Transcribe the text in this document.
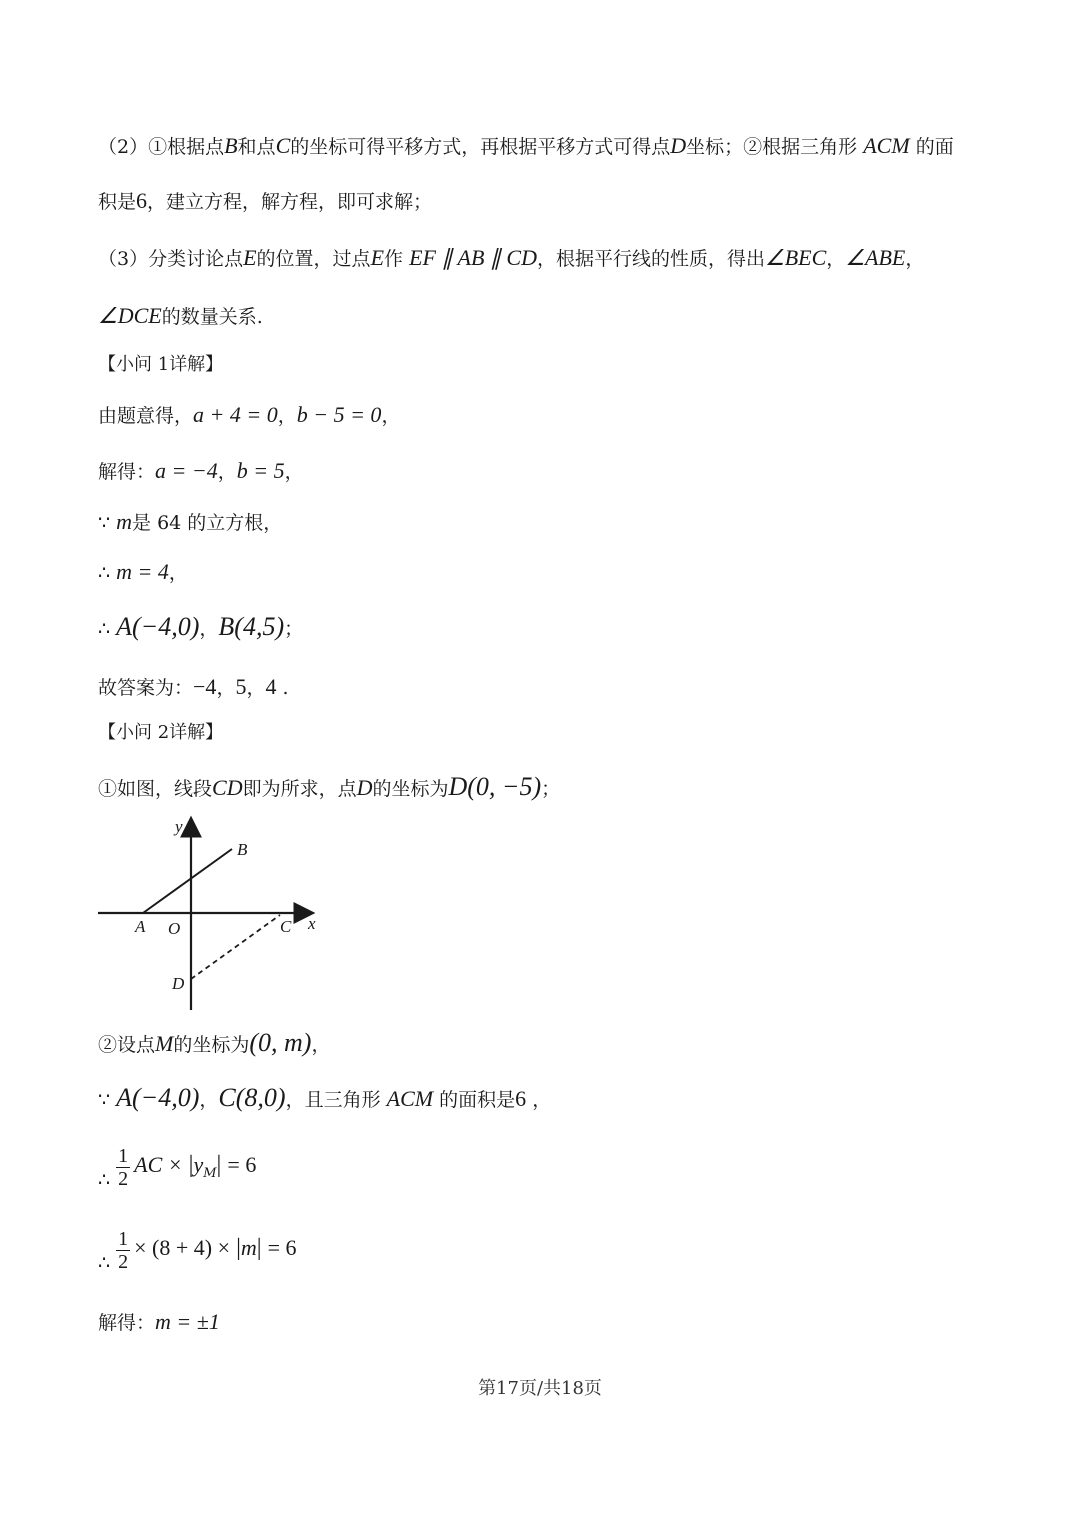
（2）①根据点B和点C的坐标可得平移方式，再根据平移方式可得点D坐标；②根据三角形 ACM 的面
积是6，建立方程，解方程，即可求解；
（3）分类讨论点E的位置，过点E作 EF ∥ AB ∥ CD，根据平行线的性质，得出∠BEC，∠ABE，
∠DCE的数量关系.
【小问 1详解】
由题意得，a + 4 = 0，b − 5 = 0，
解得：a = −4，b = 5，
∵ m是 64 的立方根，
∴ m = 4，
∴ A(−4,0)，B(4,5)；
故答案为：−4，5，4 .
【小问 2详解】
①如图，线段CD即为所求，点D的坐标为D(0, −5)；
y
B
A O	C x
D
②设点M的坐标为(0, m)，
∵ A(−4,0)，C(8,0)，且三角形 ACM 的面积是6 ，
∴ $\frac{1}{2}$ AC × $|y_M| = 6$
∴ $\frac{1}{2} \times (8 + 4) \times |m| = 6$
解得：m = ±1
第17页/共18页
